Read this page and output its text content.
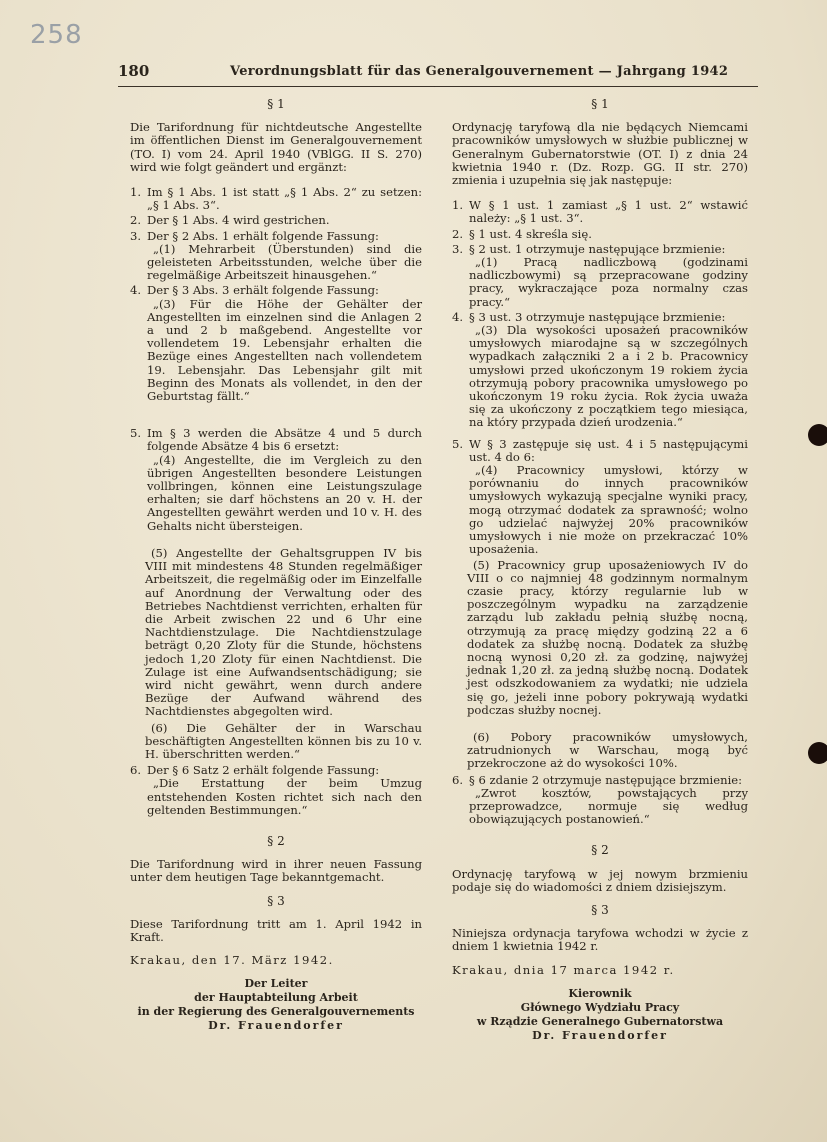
258
180	Verordnungsblatt für das Generalgouvernement — Jahrgang 1942
§ 1

Die Tarifordnung für nichtdeutsche Angestellte im öffentlichen Dienst im Generalgouvernement (TO. I) vom 24. April 1940 (VBlGG. II S. 270) wird wie folgt geändert und ergänzt:

1. Im § 1 Abs. 1 ist statt „§ 1 Abs. 2“ zu setzen: „§ 1 Abs. 3“.
2. Der § 1 Abs. 4 wird gestrichen.
3. Der § 2 Abs. 1 erhält folgende Fassung:

„(1) Mehrarbeit (Überstunden) sind die geleisteten Arbeitsstunden, welche über die regelmäßige Arbeitszeit hinausgehen.“

4. Der § 3 Abs. 3 erhält folgende Fassung:

„(3) Für die Höhe der Gehälter der Angestellten im einzelnen sind die Anlagen 2 a und 2 b maßgebend. Angestellte vor vollendetem 19. Lebensjahr erhalten die Bezüge eines Angestellten nach vollendetem 19. Lebensjahr. Das Lebensjahr gilt mit Beginn des Monats als vollendet, in den der Geburtstag fällt.“

5. Im § 3 werden die Absätze 4 und 5 durch folgende Absätze 4 bis 6 ersetzt:

„(4) Angestellte, die im Vergleich zu den übrigen Angestellten besondere Leistungen vollbringen, können eine Leistungszulage erhalten; sie darf höchstens an 20 v. H. der Angestellten gewährt werden und 10 v. H. des Gehalts nicht übersteigen.

(5) Angestellte der Gehaltsgruppen IV bis VIII mit mindestens 48 Stunden regelmäßiger Arbeitszeit, die regelmäßig oder im Einzelfalle auf Anordnung der Verwaltung oder des Betriebes Nachtdienst verrichten, erhalten für die Arbeit zwischen 22 und 6 Uhr eine Nachtdienstzulage. Die Nachtdienstzulage beträgt 0,20 Zloty für die Stunde, höchstens jedoch 1,20 Zloty für einen Nachtdienst. Die Zulage ist eine Aufwandsentschädigung; sie wird nicht gewährt, wenn durch andere Bezüge der Aufwand während des Nachtdienstes abgegolten wird.

(6) Die Gehälter der in Warschau beschäftigten Angestellten können bis zu 10 v. H. überschritten werden.“

6. Der § 6 Satz 2 erhält folgende Fassung:

„Die Erstattung der beim Umzug entstehenden Kosten richtet sich nach den geltenden Bestimmungen.“

§ 2

Die Tarifordnung wird in ihrer neuen Fassung unter dem heutigen Tage bekanntgemacht.

§ 3

Diese Tarifordnung tritt am 1. April 1942 in Kraft.

Krakau, den 17. März 1942.

Der Leiter
der Hauptabteilung Arbeit
in der Regierung des Generalgouvernements
Dr. Frauendorfer
§ 1

Ordynację taryfową dla nie będących Niemcami pracowników umysłowych w służbie publicznej w Generalnym Gubernatorstwie (OT. I) z dnia 24 kwietnia 1940 r. (Dz. Rozp. GG. II str. 270) zmienia i uzupełnia się jak następuje:

1. W § 1 ust. 1 zamiast „§ 1 ust. 2“ wstawić należy: „§ 1 ust. 3“.
2. § 1 ust. 4 skreśla się.
3. § 2 ust. 1 otrzymuje następujące brzmienie:

„(1) Pracą nadliczbową (godzinami nadliczbowymi) są przepracowane godziny pracy, wykraczające poza normalny czas pracy.“

4. § 3 ust. 3 otrzymuje następujące brzmienie:

„(3) Dla wysokości uposażeń pracowników umysłowych miarodajne są w szczególnych wypadkach załączniki 2 a i 2 b. Pracownicy umysłowi przed ukończonym 19 rokiem życia otrzymują pobory pracownika umysłowego po ukończonym 19 roku życia. Rok życia uważa się za ukończony z początkiem tego miesiąca, na który przypada dzień urodzenia.“

5. W § 3 zastępuje się ust. 4 i 5 następującymi ust. 4 do 6:

„(4) Pracownicy umysłowi, którzy w porównaniu do innych pracowników umysłowych wykazują specjalne wyniki pracy, mogą otrzymać dodatek za sprawność; wolno go udzielać najwyżej 20% pracowników umysłowych i nie może on przekraczać 10% uposażenia.

(5) Pracownicy grup uposażeniowych IV do VIII o co najmniej 48 godzinnym normalnym czasie pracy, którzy regularnie lub w poszczególnym wypadku na zarządzenie zarządu lub zakładu pełnią służbę nocną, otrzymują za pracę między godziną 22 a 6 dodatek za służbę nocną. Dodatek za służbę nocną wynosi 0,20 zł. za godzinę, najwyżej jednak 1,20 zł. za jedną służbę nocną. Dodatek jest odszkodowaniem za wydatki; nie udziela się go, jeżeli inne pobory pokrywają wydatki podczas służby nocnej.

(6) Pobory pracowników umysłowych, zatrudnionych w Warschau, mogą być przekroczone aż do wysokości 10%.

6. § 6 zdanie 2 otrzymuje następujące brzmienie:

„Zwrot kosztów, powstających przy przeprowadzce, normuje się według obowiązujących postanowień.“

§ 2

Ordynację taryfową w jej nowym brzmieniu podaje się do wiadomości z dniem dzisiejszym.

§ 3

Niniejsza ordynacja taryfowa wchodzi w życie z dniem 1 kwietnia 1942 r.

Krakau, dnia 17 marca 1942 r.

Kierownik
Głównego Wydziału Pracy
w Rządzie Generalnego Gubernatorstwa
Dr. Frauendorfer
